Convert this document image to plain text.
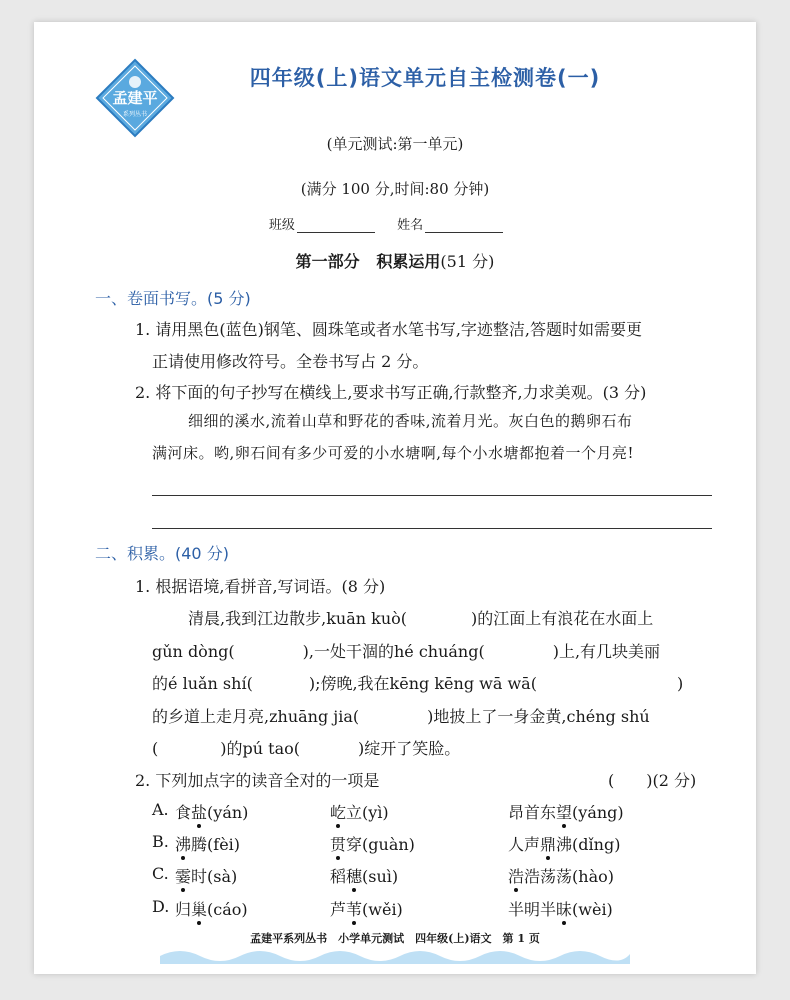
孟建平
系列丛书
四年级(上)语文单元自主检测卷(一)
(单元测试:第一单元)
(满分 100 分,时间:80 分钟)
班级	姓名
第一部分 积累运用(51 分)
一、卷面书写。(5 分)
1. 请用黑色(蓝色)钢笔、圆珠笔或者水笔书写,字迹整洁,答题时如需要更
正请使用修改符号。全卷书写占 2 分。
2. 将下面的句子抄写在横线上,要求书写正确,行款整齐,力求美观。(3 分)
细细的溪水,流着山草和野花的香味,流着月光。灰白色的鹅卵石布
满河床。哟,卵石间有多少可爱的小水塘啊,每个小水塘都抱着一个月亮!
二、积累。(40 分)
1. 根据语境,看拼音,写词语。(8 分)
清晨,我到江边散步,kuān kuò(	)的江面上有浪花在水面上
gǔn dòng(	),一处干涸的hé chuáng(	)上,有几块美丽
的é luǎn shí(	);傍晚,我在kēng kēng wā wā(	)
的乡道上走月亮,zhuāng jia(	)地披上了一身金黄,chéng shú
(	)的pú tao(	)绽开了笑脸。
2. 下列加点字的读音全对的一项是	(　　)(2 分)
A. 食盐(yán)	屹立(yì)	昂首东望(yáng)
B. 沸腾(fèi)	贯穿(guàn)	人声鼎沸(dǐng)
C. 霎时(sà)	稻穗(suì)	浩浩荡荡(hào)
D. 归巢(cáo)	芦苇(wěi)	半明半昧(wèi)
孟建平系列丛书　小学单元测试　四年级(上)语文　第 1 页
